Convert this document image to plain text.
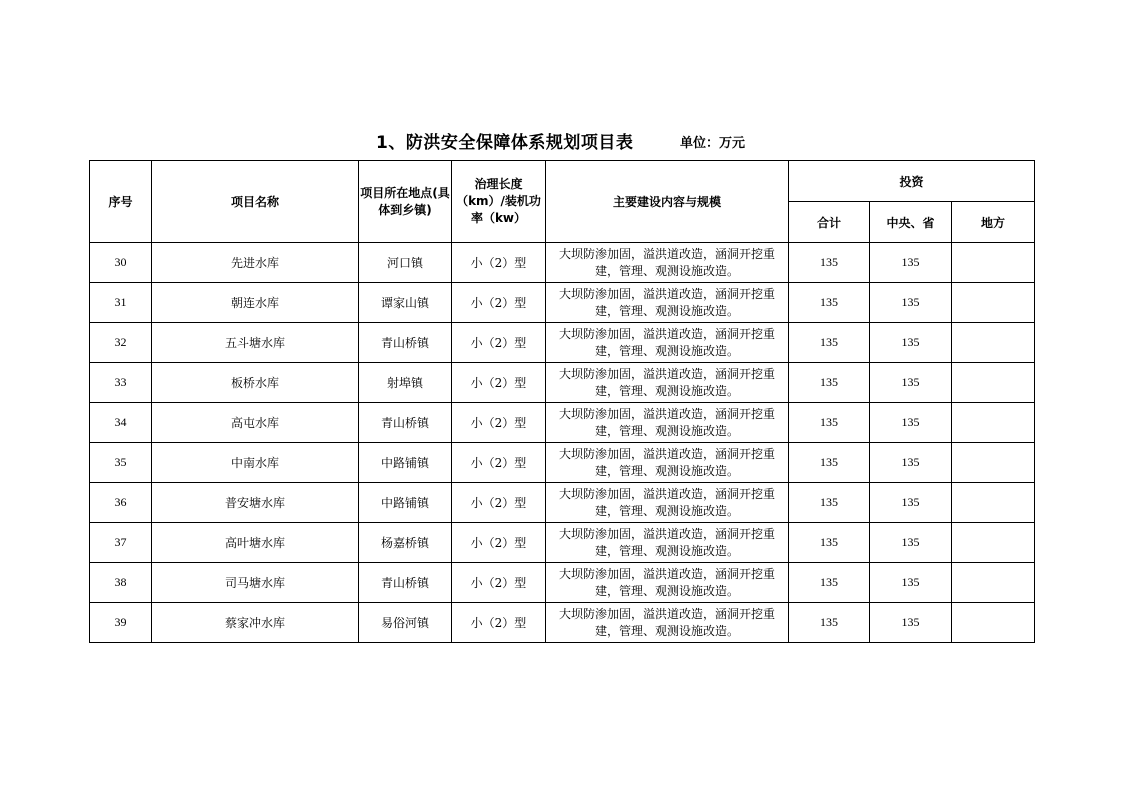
1、防洪安全保障体系规划项目表	单位：万元
序号	项目名称	项目所在地点(具体到乡镇)	治理长度（km）/装机功率（kw）	主要建设内容与规模	投资		
					合计	中央、省	地方
30	先进水库	河口镇	小（2）型	大坝防渗加固，溢洪道改造，涵洞开挖重建，管理、观测设施改造。	135	135	
31	朝连水库	谭家山镇	小（2）型	大坝防渗加固，溢洪道改造，涵洞开挖重建，管理、观测设施改造。	135	135	
32	五斗塘水库	青山桥镇	小（2）型	大坝防渗加固，溢洪道改造，涵洞开挖重建，管理、观测设施改造。	135	135	
33	板桥水库	射埠镇	小（2）型	大坝防渗加固，溢洪道改造，涵洞开挖重建，管理、观测设施改造。	135	135	
34	高屯水库	青山桥镇	小（2）型	大坝防渗加固，溢洪道改造，涵洞开挖重建，管理、观测设施改造。	135	135	
35	中南水库	中路铺镇	小（2）型	大坝防渗加固，溢洪道改造，涵洞开挖重建，管理、观测设施改造。	135	135	
36	普安塘水库	中路铺镇	小（2）型	大坝防渗加固，溢洪道改造，涵洞开挖重建，管理、观测设施改造。	135	135	
37	高叶塘水库	杨嘉桥镇	小（2）型	大坝防渗加固，溢洪道改造，涵洞开挖重建，管理、观测设施改造。	135	135	
38	司马塘水库	青山桥镇	小（2）型	大坝防渗加固，溢洪道改造，涵洞开挖重建，管理、观测设施改造。	135	135	
39	蔡家冲水库	易俗河镇	小（2）型	大坝防渗加固，溢洪道改造，涵洞开挖重建，管理、观测设施改造。	135	135	
